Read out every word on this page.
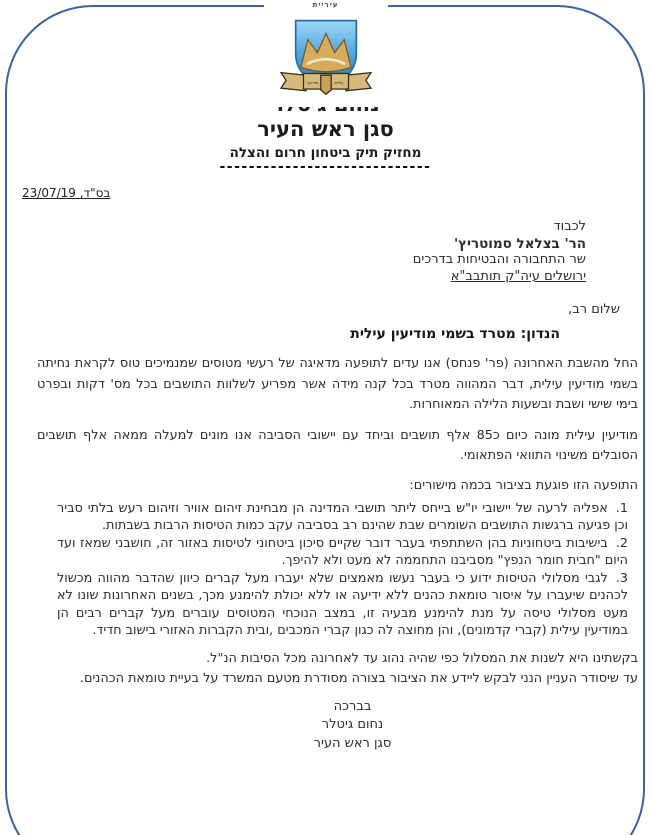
עיריית
מודיעין	עילית
סגן ראש העיר
מחזיק תיק ביטחון חרום והצלה
-----------------------------
בס"ד, 23/07/19
לכבוד
הר' בצלאל סמוטריץ'
שר התחבורה והבטיחות בדרכים
ירושלים עיה"ק תותבב"א
שלום רב,
הנדון: מטרד בשמי מודיעין עילית
החל מהשבת האחרונה (פר' פנחס) אנו עדים לתופעה מדאיגה של רעשי מטוסים שמנמיכים טוס לקראת נחיתה בשמי מודיעין עילית, דבר המהווה מטרד בכל קנה מידה אשר מפריע לשלוות התושבים בכל מס' דקות ובפרט בימי שישי ושבת ובשעות הלילה המאוחרות.
מודיעין עילית מונה כיום כ85 אלף תושבים וביחד עם יישובי הסביבה אנו מונים למעלה ממאה אלף תושבים הסובלים משינוי התוואי הפתאומי.
התופעה הזו פוגעת בציבור בכמה מישורים:
1.אפליה לרעה של יישובי יו"ש בייחס ליתר תושבי המדינה הן מבחינת זיהום אוויר וזיהום רעש בלתי סביר וכן פגיעה ברגשות התושבים השומרים שבת שהינם רב בסביבה עקב כמות הטיסות הרבות בשבתות.
2.בישיבות ביטחוניות בהן השתתפתי בעבר דובר שקיים סיכון ביטחוני לטיסות באזור זה, חושבני שמאז ועד היום "חבית חומר הנפץ" מסביבנו התחממה לא מעט ולא להיפך.
3.לגבי מסלולי הטיסות ידוע כי בעבר נעשו מאמצים שלא יעברו מעל קברים כיוון שהדבר מהווה מכשול לכהנים שיעברו על איסור טומאת כהנים ללא ידיעה או ללא יכולת להימנע מכך, בשנים האחרונות שונו לא מעט מסלולי טיסה על מנת להימנע מבעיה זו, במצב הנוכחי המטוסים עוברים מעל קברים רבים הן במודיעין עילית (קברי קדמונים), והן מחוצה לה כגון קברי המכבים ,ובית הקברות האזורי בישוב חדיד.
בקשתינו היא לשנות את המסלול כפי שהיה נהוג עד לאחרונה מכל הסיבות הנ"ל.
עד שיסודר העניין הנני לבקש ליידע את הציבור בצורה מסודרת מטעם המשרד על בעיית טומאת הכהנים.
בברכה
נחום גיטלר
סגן ראש העיר
